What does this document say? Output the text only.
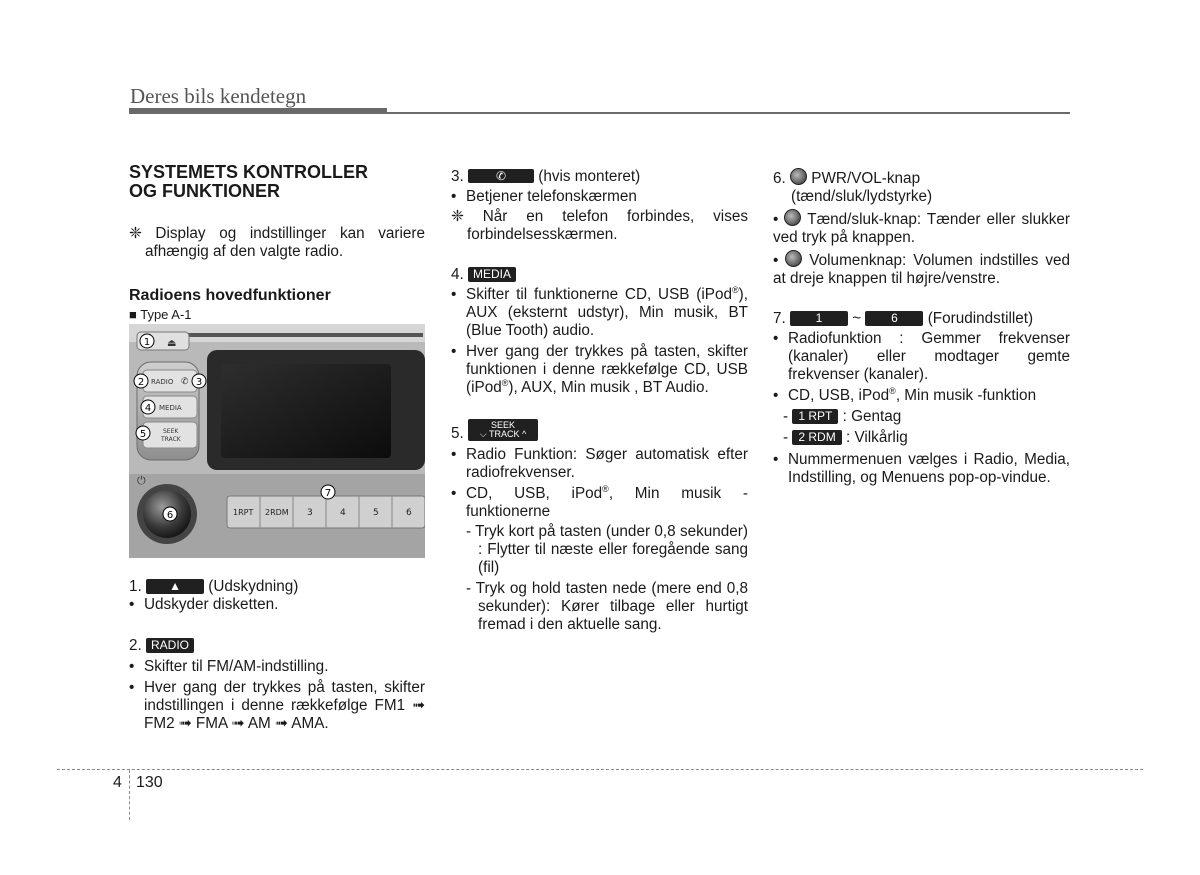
Deres bils kendetegn
SYSTEMETS KONTROLLER
OG FUNKTIONER

❈ Display og indstillinger kan variere afhængig af den valgte radio.

Radioens hovedfunktioner

■ Type A-1

⏏
RADIO ✆
MEDIA
SEEK
TRACK
⏻
1RPT 2RDM 3	4	5	6
1
2	3
4
5
6
7

1. ▲ (Udskydning)

• Udskyder disketten.

2. RADIO

• Skifter til FM/AM-indstilling.

• Hver gang der trykkes på tasten, skifter indstillingen i denne rækkefølge FM1 ➟ FM2 ➟ FMA ➟ AM ➟ AMA.

3.	✆ (hvis monteret)

• Betjener telefonskærmen

❈ Når en telefon forbindes, vises forbindelsesskærmen.

4. MEDIA

• Skifter til funktionerne CD, USB (iPod®), AUX (eksternt udstyr), Min musik, BT (Blue Tooth) audio.

• Hver gang der trykkes på tasten, skifter funktionen i denne rækkefølge CD, USB (iPod®), AUX, Min musik , BT Audio.

5.	SEEK
⌵ TRACK ^

• Radio Funktion: Søger automatisk efter radiofrekvenser.

• CD, USB, iPod®, Min musik - funktionerne

- Tryk kort på tasten (under 0,8 sekunder) : Flytter til næste eller foregående sang (fil)

- Tryk og hold tasten nede (mere end 0,8 sekunder): Kører tilbage eller hurtigt fremad i den aktuelle sang.

6. PWR/VOL-knap
(tænd/sluk/lydstyrke)

•  Tænd/sluk-knap: Tænder eller slukker ved tryk på knappen.

•  Volumenknap: Volumen indstilles ved at dreje knappen til højre/venstre.

7. 1 ~ 6 (Forudindstillet)

• Radiofunktion : Gemmer frekvenser (kanaler) eller modtager gemte frekvenser (kanaler).

• CD, USB, iPod®, Min musik -funktion

- 1 RPT : Gentag

- 2 RDM : Vilkårlig

• Nummermenuen vælges i Radio, Media, Indstilling, og Menuens pop-op-vindue.

4 130
